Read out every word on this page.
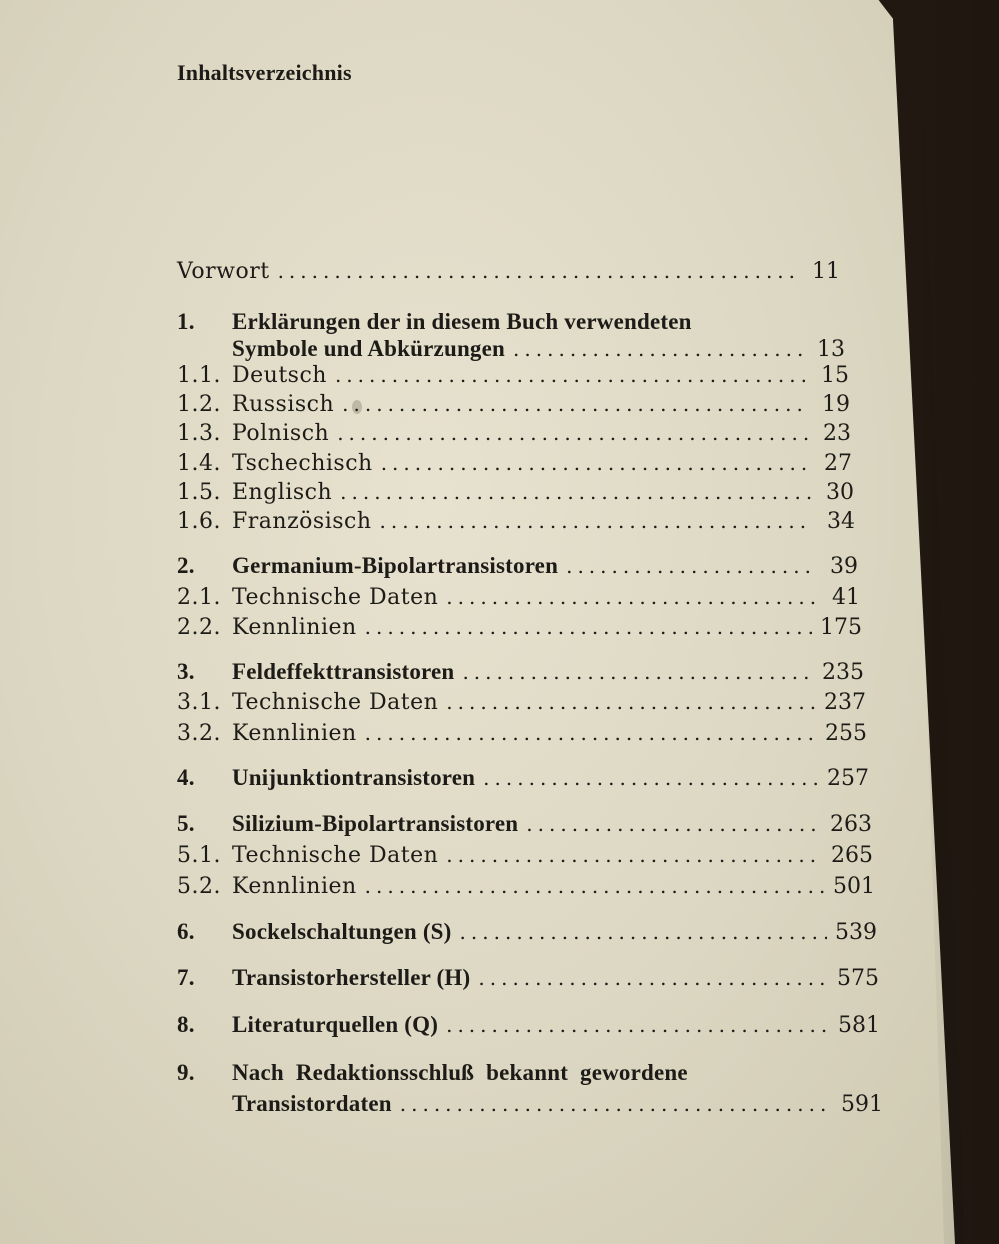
Inhaltsverzeichnis
Vorwort .....	11
1. Erklärungen der in diesem Buch verwendeten
Symbole und Abkürzungen .....	13
1.1. Deutsch .....	15
1.2. Russisch .....	19
1.3. Polnisch .....	23
1.4. Tschechisch .....	27
1.5. Englisch .....	30
1.6. Französisch .....	34
2.	Germanium-Bipolartransistoren .....	39
2.1. Technische Daten .....	41
2.2. Kennlinien .....	175
3.	Feldeffekttransistoren .....	235
3.1. Technische Daten .....	237
3.2. Kennlinien .....	255
4.	Unijunktiontransistoren .....	257
5.	Silizium-Bipolartransistoren .....	263
5.1. Technische Daten .....	265
5.2. Kennlinien .....	501
6.	Sockelschaltungen (S) .....	539
7.	Transistorhersteller (H) .....	575
8.	Literaturquellen (Q) .....	581
9. Nach Redaktionsschluß bekannt gewordene
Transistordaten .....	591
